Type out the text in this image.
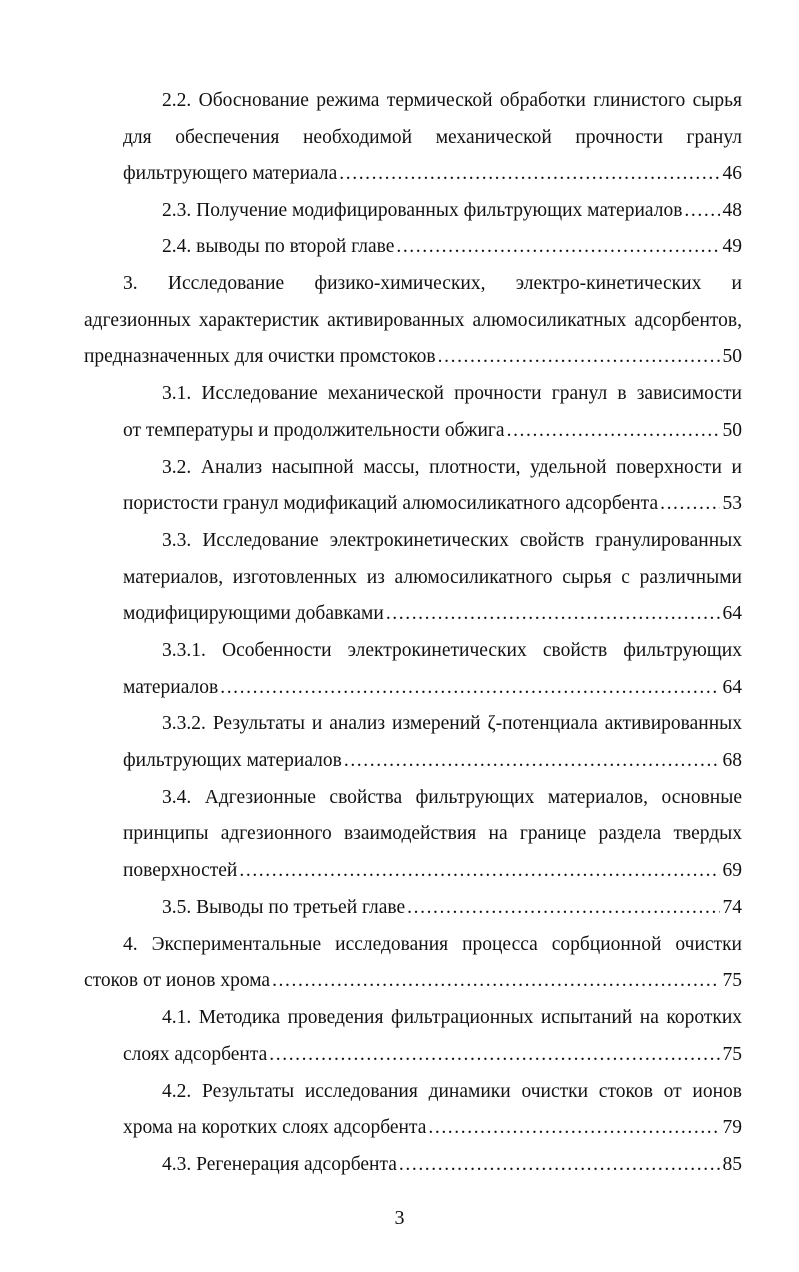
2.2. Обоснование режима термической обработки глинистого сырья
для обеспечения необходимой механической прочности гранул
фильтрующего материала .....	46
2.3. Получение модифицированных фильтрующих материалов ..... 48
2.4. выводы по второй главе .....	49
3. Исследование физико-химических, электро-кинетических и
адгезионных характеристик активированных алюмосиликатных адсорбентов,
предназначенных для очистки промстоков .....	50
3.1. Исследование механической прочности гранул в зависимости
от температуры и продолжительности обжига .....	50
3.2. Анализ насыпной массы, плотности, удельной поверхности и
пористости гранул модификаций алюмосиликатного адсорбента .....	53
3.3. Исследование электрокинетических свойств гранулированных
материалов, изготовленных из алюмосиликатного сырья с различными
модифицирующими добавками .....	64
3.3.1. Особенности электрокинетических свойств фильтрующих
материалов .....	64
3.3.2. Результаты и анализ измерений ζ-потенциала активированных
фильтрующих материалов .....	68
3.4. Адгезионные свойства фильтрующих материалов, основные
принципы адгезионного взаимодействия на границе раздела твердых
поверхностей .....	69
3.5. Выводы по третьей главе .....	74
4. Экспериментальные исследования процесса сорбционной очистки
стоков от ионов хрома .....	75
4.1. Методика проведения фильтрационных испытаний на коротких
слоях адсорбента .....	75
4.2. Результаты исследования динамики очистки стоков от ионов
хрома на коротких слоях адсорбента .....	79
4.3. Регенерация адсорбента .....	85
3
